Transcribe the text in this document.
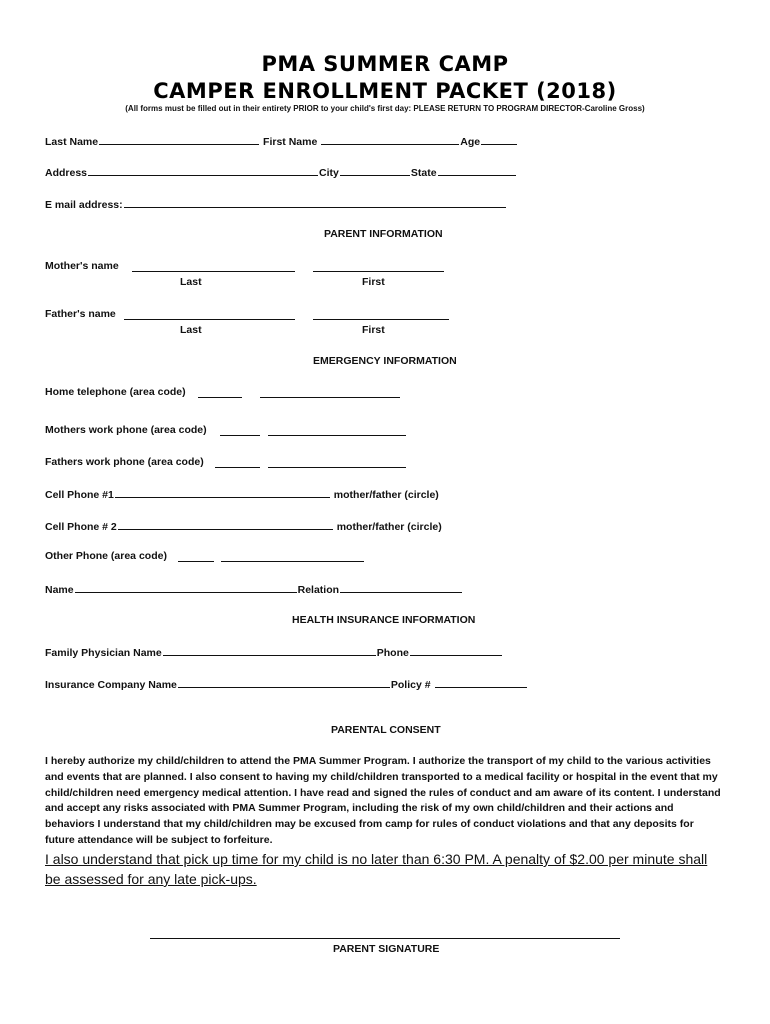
PMA SUMMER CAMP
CAMPER ENROLLMENT PACKET (2018)
(All forms must be filled out in their entirety PRIOR to your child's first day: PLEASE RETURN TO PROGRAM DIRECTOR-Caroline Gross)
Last Name	First Name	Age
Address	City	State
E mail address:
PARENT INFORMATION
Mother's name
Last	First
Father's name
Last	First
EMERGENCY INFORMATION
Home telephone (area code)
Mothers work phone (area code)
Fathers work phone (area code)
Cell Phone #1	mother/father (circle)
Cell Phone # 2	mother/father (circle)
Other Phone (area code)
Name	Relation
HEALTH INSURANCE INFORMATION
Family Physician Name	Phone
Insurance Company Name	Policy #
PARENTAL CONSENT
I hereby authorize my child/children to attend the PMA Summer Program. I authorize the transport of my child to the various activities and events that are planned. I also consent to having my child/children transported to a medical facility or hospital in the event that my child/children need emergency medical attention. I have read and signed the rules of conduct and am aware of its content. I understand and accept any risks associated with PMA Summer Program, including the risk of my own child/children and their actions and behaviors I understand that my child/children may be excused from camp for rules of conduct violations and that any deposits for future attendance will be subject to forfeiture.
I also understand that pick up time for my child is no later than 6:30 PM. A penalty of $2.00 per minute shall be assessed for any late pick-ups.
PARENT SIGNATURE
